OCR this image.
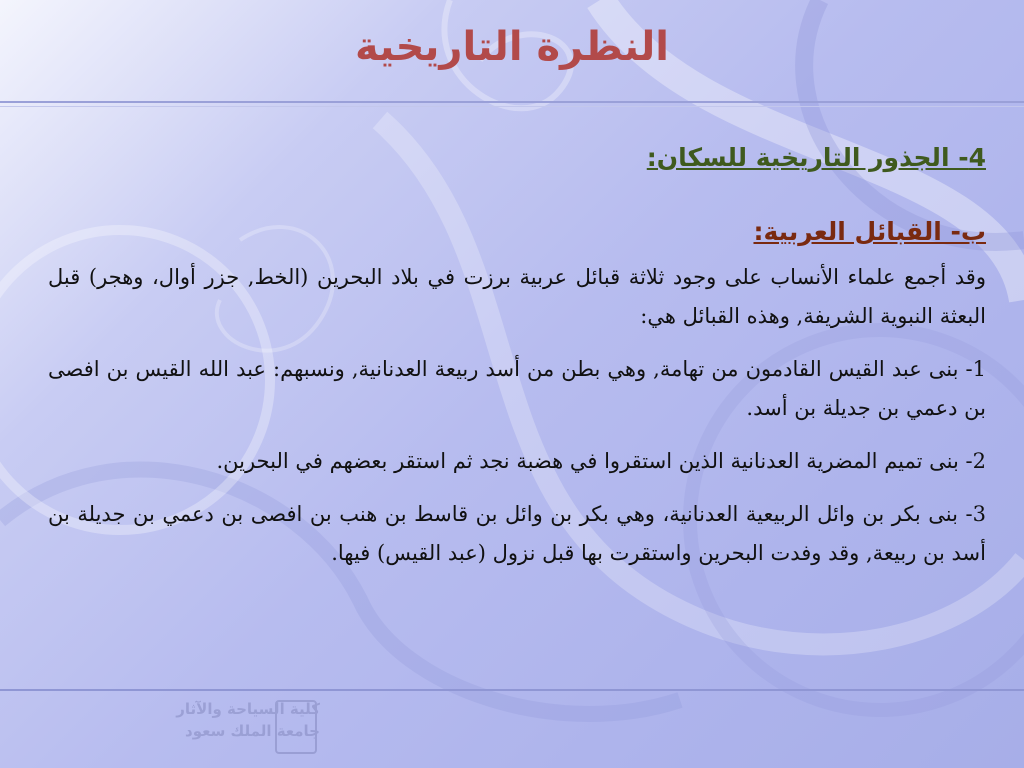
النظرة التاريخية
4- الجذور التاريخية للسكان:
ب- القبائل العربية:

وقد أجمع علماء الأنساب على وجود ثلاثة قبائل عربية برزت في بلاد البحرين (الخط, جزر أوال، وهجر) قبل البعثة النبوية الشريفة, وهذه القبائل هي:

1- بنى عبد القيس القادمون من تهامة, وهي بطن من أسد ربيعة العدنانية, ونسبهم: عبد الله القيس بن افصى بن دعمي بن جديلة بن أسد.

2- بنى تميم المضرية العدنانية الذين استقروا في هضبة نجد ثم استقر بعضهم في البحرين.

3- بنى بكر بن وائل الربيعية العدنانية، وهي بكر بن وائل بن قاسط بن هنب بن افصى بن دعمي بن جديلة بن أسد بن ربيعة, وقد وفدت البحرين واستقرت بها قبل نزول (عبد القيس) فيها.

كلية السياحة والآثار
جامعة الملك سعود
